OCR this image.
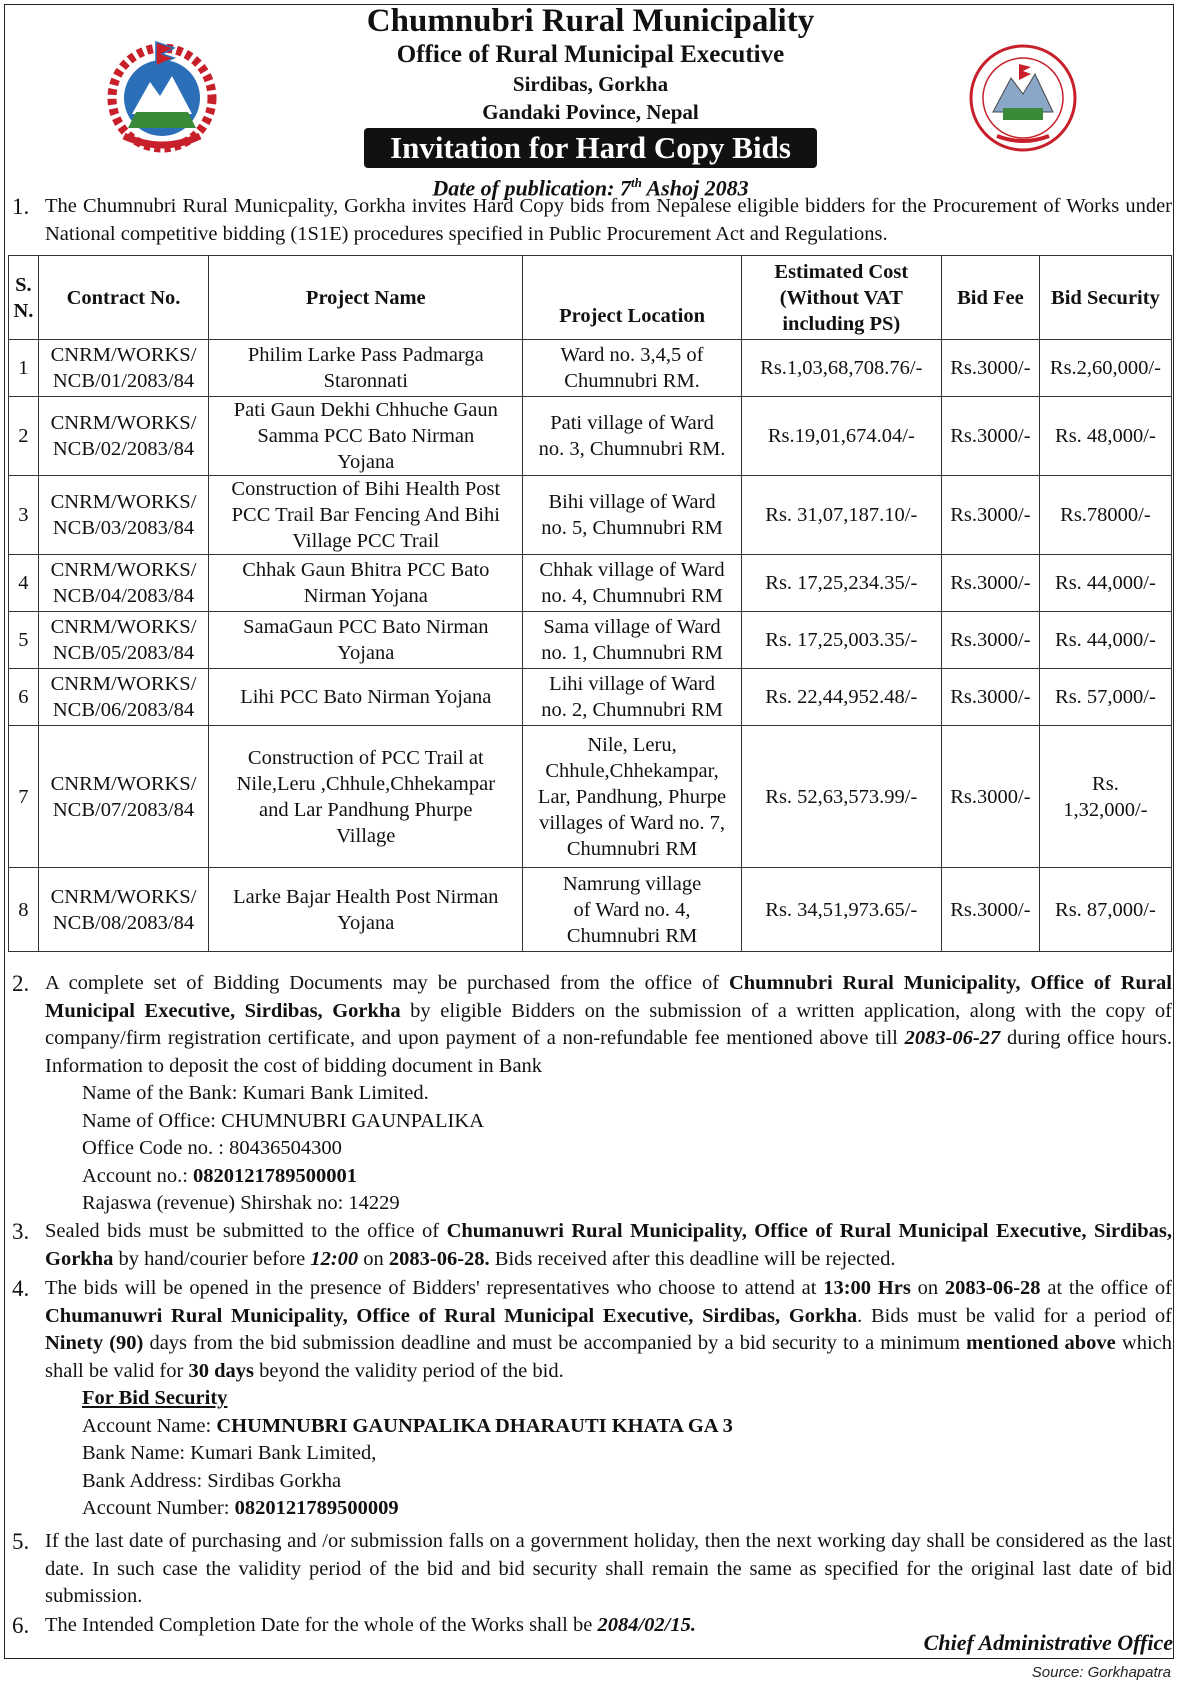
Chumnubri Rural Municipality
Office of Rural Municipal Executive
Sirdibas, Gorkha
Gandaki Povince, Nepal
Invitation for Hard Copy Bids
Date of publication: 7th Ashoj 2083
1. The Chumnubri Rural Municpality, Gorkha invites Hard Copy bids from Nepalese eligible bidders for the Procurement of Works under National competitive bidding (1S1E) procedures specified in Public Procurement Act and Regulations.
S.
N.	Contract No.	Project Name	Project Location	Estimated Cost
(Without VAT
including PS)	Bid Fee	Bid Security
1	CNRM/WORKS/
NCB/01/2083/84	Philim Larke Pass Padmarga
Staronnati	Ward no. 3,4,5 of
Chumnubri RM.	Rs.1,03,68,708.76/-	Rs.3000/-	Rs.2,60,000/-
2	CNRM/WORKS/
NCB/02/2083/84	Pati Gaun Dekhi Chhuche Gaun
Samma PCC Bato Nirman
Yojana	Pati village of Ward
no. 3, Chumnubri RM.	Rs.19,01,674.04/-	Rs.3000/-	Rs. 48,000/-
3	CNRM/WORKS/
NCB/03/2083/84	Construction of Bihi Health Post
PCC Trail Bar Fencing And Bihi
Village PCC Trail	Bihi village of Ward
no. 5, Chumnubri RM	Rs. 31,07,187.10/-	Rs.3000/-	Rs.78000/-
4	CNRM/WORKS/
NCB/04/2083/84	Chhak Gaun Bhitra PCC Bato
Nirman Yojana	Chhak village of Ward
no. 4, Chumnubri RM	Rs. 17,25,234.35/-	Rs.3000/-	Rs. 44,000/-
5	CNRM/WORKS/
NCB/05/2083/84	SamaGaun PCC Bato Nirman
Yojana	Sama village of Ward
no. 1, Chumnubri RM	Rs. 17,25,003.35/-	Rs.3000/-	Rs. 44,000/-
6	CNRM/WORKS/
NCB/06/2083/84	Lihi PCC Bato Nirman Yojana	Lihi village of Ward
no. 2, Chumnubri RM	Rs. 22,44,952.48/-	Rs.3000/-	Rs. 57,000/-
7	CNRM/WORKS/
NCB/07/2083/84	Construction of PCC Trail at
Nile,Leru ,Chhule,Chhekampar
and Lar Pandhung Phurpe
Village	Nile, Leru,
Chhule,Chhekampar,
Lar, Pandhung, Phurpe
villages of Ward no. 7,
Chumnubri RM	Rs. 52,63,573.99/-	Rs.3000/-	Rs.
1,32,000/-
8	CNRM/WORKS/
NCB/08/2083/84	Larke Bajar Health Post Nirman
Yojana	Namrung village
of Ward no. 4,
Chumnubri RM	Rs. 34,51,973.65/-	Rs.3000/-	Rs. 87,000/-
2. A complete set of Bidding Documents may be purchased from the office of Chumnubri Rural Municipality, Office of Rural Municipal Executive, Sirdibas, Gorkha by eligible Bidders on the submission of a written application, along with the copy of company/firm registration certificate, and upon payment of a non-refundable fee mentioned above till 2083-06-27 during office hours. Information to deposit the cost of bidding document in Bank
Name of the Bank: Kumari Bank Limited.
Name of Office: CHUMNUBRI GAUNPALIKA
Office Code no. : 80436504300
Account no.: 0820121789500001
Rajaswa (revenue) Shirshak no: 14229
3. Sealed bids must be submitted to the office of Chumanuwri Rural Municipality, Office of Rural Municipal Executive, Sirdibas, Gorkha by hand/courier before 12:00 on 2083-06-28. Bids received after this deadline will be rejected.
4. The bids will be opened in the presence of Bidders' representatives who choose to attend at 13:00 Hrs on 2083-06-28 at the office of Chumanuwri Rural Municipality, Office of Rural Municipal Executive, Sirdibas, Gorkha. Bids must be valid for a period of Ninety (90) days from the bid submission deadline and must be accompanied by a bid security to a minimum mentioned above which shall be valid for 30 days beyond the validity period of the bid.
For Bid Security
Account Name: CHUMNUBRI GAUNPALIKA DHARAUTI KHATA GA 3
Bank Name: Kumari Bank Limited,
Bank Address: Sirdibas Gorkha
Account Number: 0820121789500009
5. If the last date of purchasing and /or submission falls on a government holiday, then the next working day shall be considered as the last date. In such case the validity period of the bid and bid security shall remain the same as specified for the original last date of bid submission.
6. The Intended Completion Date for the whole of the Works shall be 2084/02/15.
Chief Administrative Office
Source: Gorkhapatra
